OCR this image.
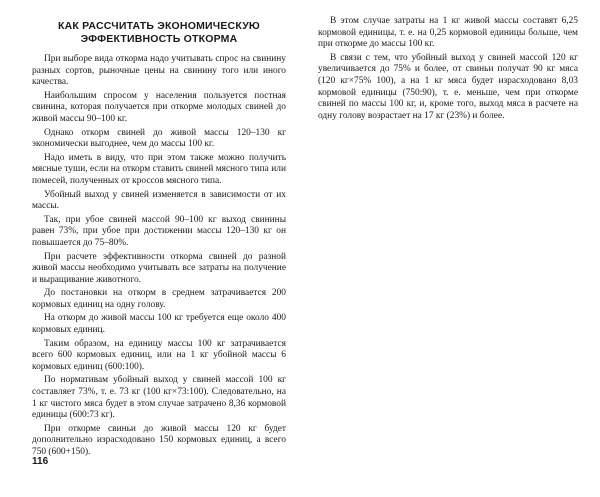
КАК РАССЧИТАТЬ ЭКОНОМИЧЕСКУЮ
ЭФФЕКТИВНОСТЬ ОТКОРМА

При выборе вида откорма надо учитывать спрос на свинину разных сортов, рыночные цены на свинину того или иного качества.

Наибольшим спросом у населения пользуется постная свинина, которая получается при откорме молодых свиней до живой массы 90–100 кг.

Однако откорм свиней до живой массы 120–130 кг экономически выгоднее, чем до массы 100 кг.

Надо иметь в виду, что при этом также можно получить мясные туши, если на откорм ставить свиней мясного типа или помесей, полученных от кроссов мясного типа.

Убойный выход у свиней изменяется в зависимости от их массы.

Так, при убое свиней массой 90–100 кг выход свинины равен 73%, при убое при достижении массы 120–130 кг он повышается до 75–80%.

При расчете эффективности откорма свиней до разной живой массы необходимо учитывать все затраты на получение и выращивание животного.

До постановки на откорм в среднем затрачивается 200 кормовых единиц на одну голову.

На откорм до живой массы 100 кг требуется еще около 400 кормовых единиц.

Таким образом, на единицу массы 100 кг затрачивается всего 600 кормовых единиц, или на 1 кг убойной массы 6 кормовых единиц (600:100).

По нормативам убойный выход у свиней массой 100 кг составляет 73%, т. е. 73 кг (100 кг×73:100). Следовательно, на 1 кг чистого мяса будет в этом случае затрачено 8,36 кормовой единицы (600:73 кг).

При откорме свиньи до живой массы 120 кг будет дополнительно израсходовано 150 кормовых единиц, а всего 750 (600+150).

116

В этом случае затраты на 1 кг живой массы составят 6,25 кормовой единицы, т. е. на 0,25 кормовой единицы больше, чем при откорме до массы 100 кг.

В связи с тем, что убойный выход у свиней массой 120 кг увеличивается до 75% и более, от свиньи получат 90 кг мяса (120 кг×75% 100), а на 1 кг мяса будет израсходовано 8,03 кормовой единицы (750:90), т. е. меньше, чем при откорме свиней по массы 100 кг, и, кроме того, выход мяса в расчете на одну голову возрастает на 17 кг (23%) и более.
